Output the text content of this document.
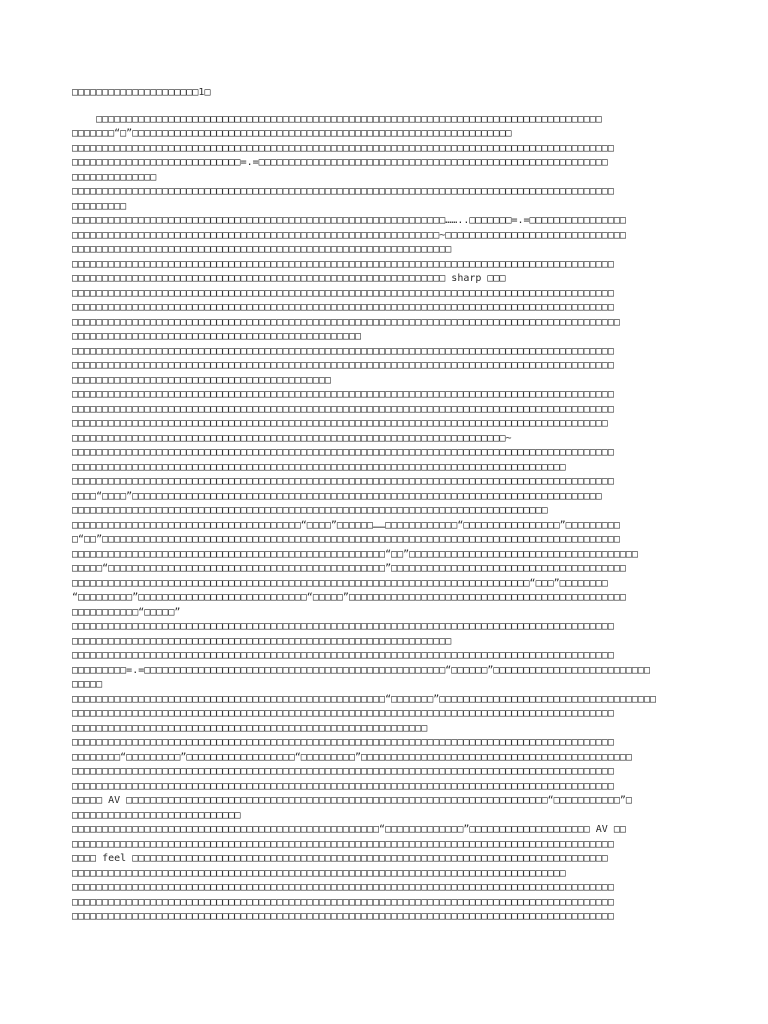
□□□□□□□□□□□□□□□□□□□□□1□
□□□□□□□□□□□□□□□□□□□□□□□□□□□□□□□□□□□□□□□□□□□□□□□□□□□□□□□□□□□□□□□□□□□□□□□□□□□□□□□□□□□□
□□□□□□□“□”□□□□□□□□□□□□□□□□□□□□□□□□□□□□□□□□□□□□□□□□□□□□□□□□□□□□□□□□□□□□□□□
□□□□□□□□□□□□□□□□□□□□□□□□□□□□□□□□□□□□□□□□□□□□□□□□□□□□□□□□□□□□□□□□□□□□□□□□□□□□□□□□□□□□□□□□□□
□□□□□□□□□□□□□□□□□□□□□□□□□□□□=.=□□□□□□□□□□□□□□□□□□□□□□□□□□□□□□□□□□□□□□□□□□□□□□□□□□□□□□□□□□
□□□□□□□□□□□□□□
□□□□□□□□□□□□□□□□□□□□□□□□□□□□□□□□□□□□□□□□□□□□□□□□□□□□□□□□□□□□□□□□□□□□□□□□□□□□□□□□□□□□□□□□□□
□□□□□□□□□
□□□□□□□□□□□□□□□□□□□□□□□□□□□□□□□□□□□□□□□□□□□□□□□□□□□□□□□□□□□□□□……..□□□□□□□=.=□□□□□□□□□□□□□□□□
□□□□□□□□□□□□□□□□□□□□□□□□□□□□□□□□□□□□□□□□□□□□□□□□□□□□□□□□□□□□□~□□□□□□□□□□□□□□□□□□□□□□□□□□□□□□
□□□□□□□□□□□□□□□□□□□□□□□□□□□□□□□□□□□□□□□□□□□□□□□□□□□□□□□□□□□□□□□
□□□□□□□□□□□□□□□□□□□□□□□□□□□□□□□□□□□□□□□□□□□□□□□□□□□□□□□□□□□□□□□□□□□□□□□□□□□□□□□□□□□□□□□□□□
□□□□□□□□□□□□□□□□□□□□□□□□□□□□□□□□□□□□□□□□□□□□□□□□□□□□□□□□□□□□□□ sharp □□□
□□□□□□□□□□□□□□□□□□□□□□□□□□□□□□□□□□□□□□□□□□□□□□□□□□□□□□□□□□□□□□□□□□□□□□□□□□□□□□□□□□□□□□□□□□
□□□□□□□□□□□□□□□□□□□□□□□□□□□□□□□□□□□□□□□□□□□□□□□□□□□□□□□□□□□□□□□□□□□□□□□□□□□□□□□□□□□□□□□□□□
□□□□□□□□□□□□□□□□□□□□□□□□□□□□□□□□□□□□□□□□□□□□□□□□□□□□□□□□□□□□□□□□□□□□□□□□□□□□□□□□□□□□□□□□□□□
□□□□□□□□□□□□□□□□□□□□□□□□□□□□□□□□□□□□□□□□□□□□□□□□
□□□□□□□□□□□□□□□□□□□□□□□□□□□□□□□□□□□□□□□□□□□□□□□□□□□□□□□□□□□□□□□□□□□□□□□□□□□□□□□□□□□□□□□□□□
□□□□□□□□□□□□□□□□□□□□□□□□□□□□□□□□□□□□□□□□□□□□□□□□□□□□□□□□□□□□□□□□□□□□□□□□□□□□□□□□□□□□□□□□□□
□□□□□□□□□□□□□□□□□□□□□□□□□□□□□□□□□□□□□□□□□□□
□□□□□□□□□□□□□□□□□□□□□□□□□□□□□□□□□□□□□□□□□□□□□□□□□□□□□□□□□□□□□□□□□□□□□□□□□□□□□□□□□□□□□□□□□□
□□□□□□□□□□□□□□□□□□□□□□□□□□□□□□□□□□□□□□□□□□□□□□□□□□□□□□□□□□□□□□□□□□□□□□□□□□□□□□□□□□□□□□□□□□
□□□□□□□□□□□□□□□□□□□□□□□□□□□□□□□□□□□□□□□□□□□□□□□□□□□□□□□□□□□□□□□□□□□□□□□□□□□□□□□□□□□□□□□□□
□□□□□□□□□□□□□□□□□□□□□□□□□□□□□□□□□□□□□□□□□□□□□□□□□□□□□□□□□□□□□□□□□□□□□□□□~
□□□□□□□□□□□□□□□□□□□□□□□□□□□□□□□□□□□□□□□□□□□□□□□□□□□□□□□□□□□□□□□□□□□□□□□□□□□□□□□□□□□□□□□□□□
□□□□□□□□□□□□□□□□□□□□□□□□□□□□□□□□□□□□□□□□□□□□□□□□□□□□□□□□□□□□□□□□□□□□□□□□□□□□□□□□□□
□□□□□□□□□□□□□□□□□□□□□□□□□□□□□□□□□□□□□□□□□□□□□□□□□□□□□□□□□□□□□□□□□□□□□□□□□□□□□□□□□□□□□□□□□□
□□□□“□□□□”□□□□□□□□□□□□□□□□□□□□□□□□□□□□□□□□□□□□□□□□□□□□□□□□□□□□□□□□□□□□□□□□□□□□□□□□□□□□□□
□□□□□□□□□□□□□□□□□□□□□□□□□□□□□□□□□□□□□□□□□□□□□□□□□□□□□□□□□□□□□□□□□□□□□□□□□□□□□□□
□□□□□□□□□□□□□□□□□□□□□□□□□□□□□□□□□□□□□□“□□□□”□□□□□□……□□□□□□□□□□□□“□□□□□□□□□□□□□□□□”□□□□□□□□□
□“□□”□□□□□□□□□□□□□□□□□□□□□□□□□□□□□□□□□□□□□□□□□□□□□□□□□□□□□□□□□□□□□□□□□□□□□□□□□□□□□□□□□□□□□□
□□□□□□□□□□□□□□□□□□□□□□□□□□□□□□□□□□□□□□□□□□□□□□□□□□□□“□□”□□□□□□□□□□□□□□□□□□□□□□□□□□□□□□□□□□□□□□
□□□□□“□□□□□□□□□□□□□□□□□□□□□□□□□□□□□□□□□□□□□□□□□□□□□□”□□□□□□□□□□□□□□□□□□□□□□□□□□□□□□□□□□□□□□□
□□□□□□□□□□□□□□□□□□□□□□□□□□□□□□□□□□□□□□□□□□□□□□□□□□□□□□□□□□□□□□□□□□□□□□□□□□□□“□□□”□□□□□□□□
“□□□□□□□□□”□□□□□□□□□□□□□□□□□□□□□□□□□□□□“□□□□□”□□□□□□□□□□□□□□□□□□□□□□□□□□□□□□□□□□□□□□□□□□□□□□
□□□□□□□□□□□“□□□□□”
□□□□□□□□□□□□□□□□□□□□□□□□□□□□□□□□□□□□□□□□□□□□□□□□□□□□□□□□□□□□□□□□□□□□□□□□□□□□□□□□□□□□□□□□□□
□□□□□□□□□□□□□□□□□□□□□□□□□□□□□□□□□□□□□□□□□□□□□□□□□□□□□□□□□□□□□□□
□□□□□□□□□□□□□□□□□□□□□□□□□□□□□□□□□□□□□□□□□□□□□□□□□□□□□□□□□□□□□□□□□□□□□□□□□□□□□□□□□□□□□□□□□□
□□□□□□□□□=.=□□□□□□□□□□□□□□□□□□□□□□□□□□□□□□□□□□□□□□□□□□□□□□□□□□“□□□□□□”□□□□□□□□□□□□□□□□□□□□□□□□□□
□□□□□
□□□□□□□□□□□□□□□□□□□□□□□□□□□□□□□□□□□□□□□□□□□□□□□□□□□□“□□□□□□□”□□□□□□□□□□□□□□□□□□□□□□□□□□□□□□□□□□□□
□□□□□□□□□□□□□□□□□□□□□□□□□□□□□□□□□□□□□□□□□□□□□□□□□□□□□□□□□□□□□□□□□□□□□□□□□□□□□□□□□□□□□□□□□□
□□□□□□□□□□□□□□□□□□□□□□□□□□□□□□□□□□□□□□□□□□□□□□□□□□□□□□□□□□□
□□□□□□□□□□□□□□□□□□□□□□□□□□□□□□□□□□□□□□□□□□□□□□□□□□□□□□□□□□□□□□□□□□□□□□□□□□□□□□□□□□□□□□□□□□
□□□□□□□□“□□□□□□□□□”□□□□□□□□□□□□□□□□□□“□□□□□□□□□”□□□□□□□□□□□□□□□□□□□□□□□□□□□□□□□□□□□□□□□□□□□□□
□□□□□□□□□□□□□□□□□□□□□□□□□□□□□□□□□□□□□□□□□□□□□□□□□□□□□□□□□□□□□□□□□□□□□□□□□□□□□□□□□□□□□□□□□□
□□□□□□□□□□□□□□□□□□□□□□□□□□□□□□□□□□□□□□□□□□□□□□□□□□□□□□□□□□□□□□□□□□□□□□□□□□□□□□□□□□□□□□□□□□
□□□□□ AV □□□□□□□□□□□□□□□□□□□□□□□□□□□□□□□□□□□□□□□□□□□□□□□□□□□□□□□□□□□□□□□□□□□□□□“□□□□□□□□□□□”□
□□□□□□□□□□□□□□□□□□□□□□□□□□□□
□□□□□□□□□□□□□□□□□□□□□□□□□□□□□□□□□□□□□□□□□□□□□□□□□□□“□□□□□□□□□□□□□”□□□□□□□□□□□□□□□□□□□□ AV □□
□□□□□□□□□□□□□□□□□□□□□□□□□□□□□□□□□□□□□□□□□□□□□□□□□□□□□□□□□□□□□□□□□□□□□□□□□□□□□□□□□□□□□□□□□□
□□□□ feel □□□□□□□□□□□□□□□□□□□□□□□□□□□□□□□□□□□□□□□□□□□□□□□□□□□□□□□□□□□□□□□□□□□□□□□□□□□□□□□
□□□□□□□□□□□□□□□□□□□□□□□□□□□□□□□□□□□□□□□□□□□□□□□□□□□□□□□□□□□□□□□□□□□□□□□□□□□□□□□□□□
□□□□□□□□□□□□□□□□□□□□□□□□□□□□□□□□□□□□□□□□□□□□□□□□□□□□□□□□□□□□□□□□□□□□□□□□□□□□□□□□□□□□□□□□□□
□□□□□□□□□□□□□□□□□□□□□□□□□□□□□□□□□□□□□□□□□□□□□□□□□□□□□□□□□□□□□□□□□□□□□□□□□□□□□□□□□□□□□□□□□□
□□□□□□□□□□□□□□□□□□□□□□□□□□□□□□□□□□□□□□□□□□□□□□□□□□□□□□□□□□□□□□□□□□□□□□□□□□□□□□□□□□□□□□□□□□
